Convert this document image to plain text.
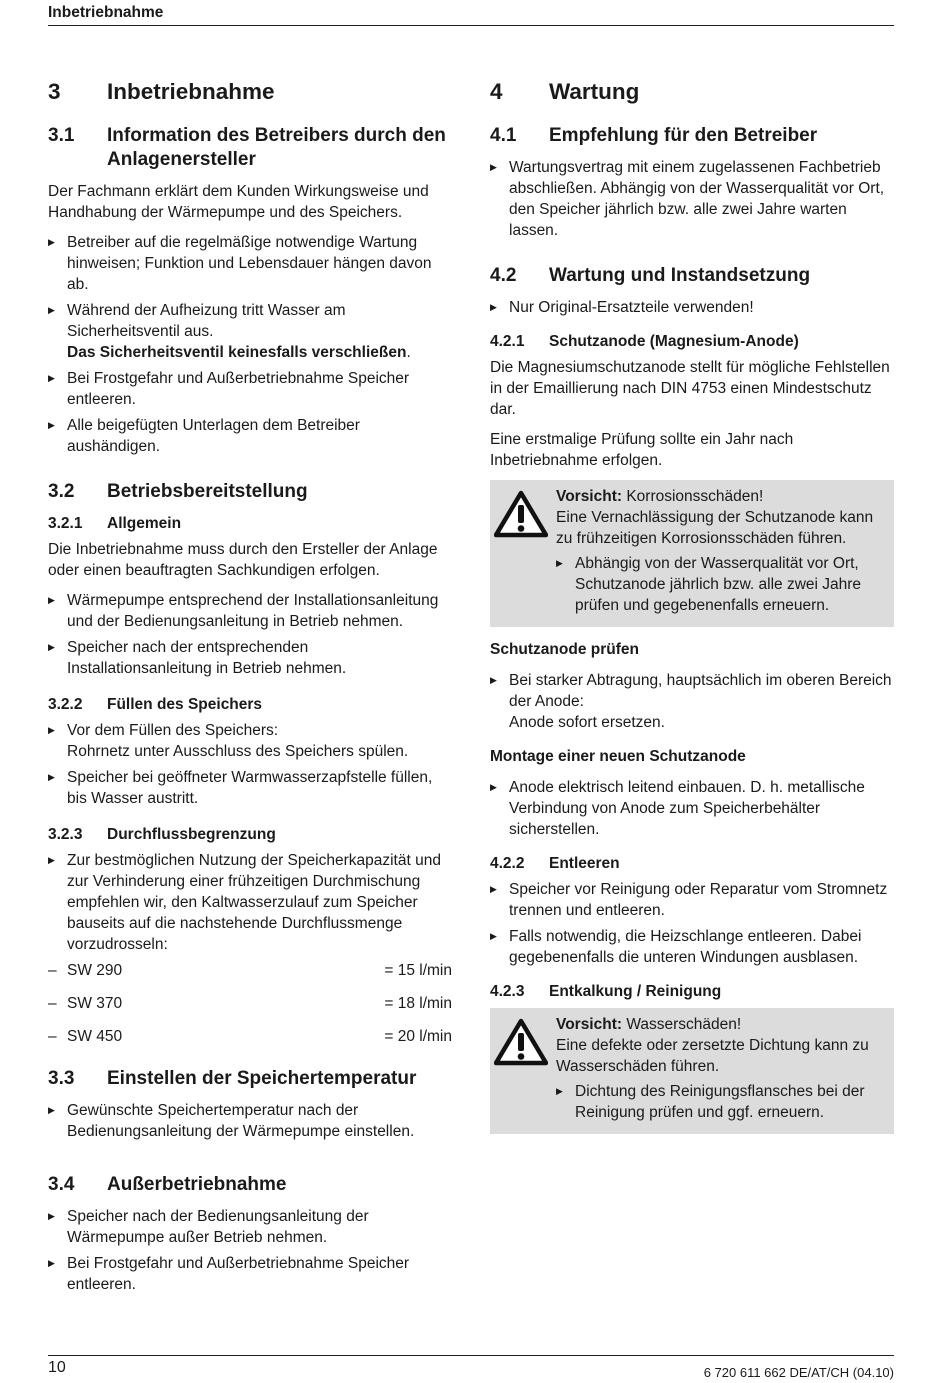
Inbetriebnahme
3	Inbetriebnahme
3.1	Information des Betreibers durch den Anlagenersteller

Der Fachmann erklärt dem Kunden Wirkungsweise und Handhabung der Wärmepumpe und des Speichers.

▶ Betreiber auf die regelmäßige notwendige Wartung hinweisen; Funktion und Lebensdauer hängen davon ab.
▶ Während der Aufheizung tritt Wasser am Sicherheitsventil aus.
Das Sicherheitsventil keinesfalls verschließen.
▶ Bei Frostgefahr und Außerbetriebnahme Speicher entleeren.
▶ Alle beigefügten Unterlagen dem Betreiber aushändigen.
3.2	Betriebsbereitstellung
3.2.1	Allgemein

Die Inbetriebnahme muss durch den Ersteller der Anlage oder einen beauftragten Sachkundigen erfolgen.

▶ Wärmepumpe entsprechend der Installationsanleitung und der Bedienungsanleitung in Betrieb nehmen.
▶ Speicher nach der entsprechenden Installationsanleitung in Betrieb nehmen.
3.2.2	Füllen des Speichers
▶ Vor dem Füllen des Speichers:
Rohrnetz unter Ausschluss des Speichers spülen.
▶ Speicher bei geöffneter Warmwasserzapfstelle füllen, bis Wasser austritt.
3.2.3	Durchflussbegrenzung
▶ Zur bestmöglichen Nutzung der Speicherkapazität und zur Verhinderung einer frühzeitigen Durchmischung empfehlen wir, den Kaltwasserzulauf zum Speicher bauseits auf die nachstehende Durchflussmenge vorzudrosseln:
– SW 290	= 15 l/min
– SW 370	= 18 l/min
– SW 450	= 20 l/min
3.3	Einstellen der Speichertemperatur
▶ Gewünschte Speichertemperatur nach der Bedienungsanleitung der Wärmepumpe einstellen.
3.4	Außerbetriebnahme
▶ Speicher nach der Bedienungsanleitung der Wärmepumpe außer Betrieb nehmen.
▶ Bei Frostgefahr und Außerbetriebnahme Speicher entleeren.
4	Wartung
4.1	Empfehlung für den Betreiber
▶ Wartungsvertrag mit einem zugelassenen Fachbetrieb abschließen. Abhängig von der Wasserqualität vor Ort, den Speicher jährlich bzw. alle zwei Jahre warten lassen.
4.2	Wartung und Instandsetzung
▶ Nur Original-Ersatzteile verwenden!
4.2.1	Schutzanode (Magnesium-Anode)

Die Magnesiumschutzanode stellt für mögliche Fehlstellen in der Emaillierung nach DIN 4753 einen Mindestschutz dar.

Eine erstmalige Prüfung sollte ein Jahr nach Inbetriebnahme erfolgen.

Vorsicht: Korrosionsschäden!
Eine Vernachlässigung der Schutzanode kann zu frühzeitigen Korrosionsschäden führen.
▶ Abhängig von der Wasserqualität vor Ort, Schutzanode jährlich bzw. alle zwei Jahre prüfen und gegebenenfalls erneuern.
Schutzanode prüfen
▶ Bei starker Abtragung, hauptsächlich im oberen Bereich der Anode:
Anode sofort ersetzen.
Montage einer neuen Schutzanode
▶ Anode elektrisch leitend einbauen. D. h. metallische Verbindung von Anode zum Speicherbehälter sicherstellen.
4.2.2	Entleeren
▶ Speicher vor Reinigung oder Reparatur vom Stromnetz trennen und entleeren.
▶ Falls notwendig, die Heizschlange entleeren. Dabei gegebenenfalls die unteren Windungen ausblasen.
4.2.3	Entkalkung / Reinigung
Vorsicht: Wasserschäden!
Eine defekte oder zersetzte Dichtung kann zu Wasserschäden führen.
▶ Dichtung des Reinigungsflansches bei der Reinigung prüfen und ggf. erneuern.
10	6 720 611 662 DE/AT/CH (04.10)
